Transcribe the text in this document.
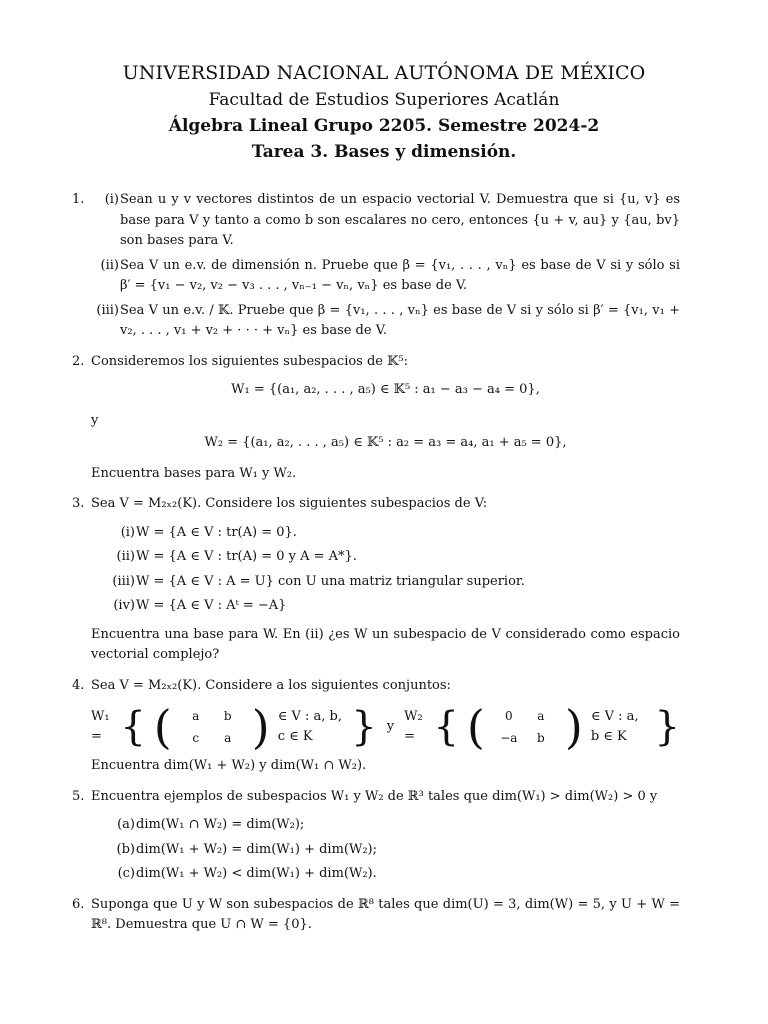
UNIVERSIDAD NACIONAL AUTÓNOMA DE MÉXICO
Facultad de Estudios Superiores Acatlán
Álgebra Lineal Grupo 2205. Semestre 2024-2
Tarea 3. Bases y dimensión.
1.	(i) Sean u y v vectores distintos de un espacio vectorial V. Demuestra que si {u, v} es base para V y tanto a como b son escalares no cero, entonces {u + v, au} y {au, bv} son bases para V.
(ii) Sea V un e.v. de dimensión n. Pruebe que β = {v₁, . . . , vₙ} es base de V si y sólo si β′ = {v₁ − v₂, v₂ − v₃ . . . , vₙ₋₁ − vₙ, vₙ} es base de V.
(iii) Sea V un e.v. / 𝕂. Pruebe que β = {v₁, . . . , vₙ} es base de V si y sólo si β′ = {v₁, v₁ + v₂, . . . , v₁ + v₂ + · · · + vₙ} es base de V.
2. Consideremos los siguientes subespacios de 𝕂⁵:
W₁ = {(a₁, a₂, . . . , a₅) ∈ 𝕂⁵ : a₁ − a₃ − a₄ = 0},
y
W₂ = {(a₁, a₂, . . . , a₅) ∈ 𝕂⁵ : a₂ = a₃ = a₄, a₁ + a₅ = 0},
Encuentra bases para W₁ y W₂.
3. Sea V = M₂ₓ₂(K). Considere los siguientes subespacios de V:
(i) W = {A ∈ V : tr(A) = 0}.
(ii) W = {A ∈ V : tr(A) = 0 y A = A*}.
(iii) W = {A ∈ V : A = U} con U una matriz triangular superior.
(iv) W = {A ∈ V : Aᵗ = −A}
Encuentra una base para W. En (ii) ¿es W un subespacio de V considerado como espacio vectorial complejo?
4. Sea V = M₂ₓ₂(K). Considere a los siguientes conjuntos:
W₁ = { (	a	b
c	a ) ∈ V : a, b, c ∈ K } y
W₂ = { (	0	a
−a	b ) ∈ V : a, b ∈ K }
Encuentra dim(W₁ + W₂) y dim(W₁ ∩ W₂).
5. Encuentra ejemplos de subespacios W₁ y W₂ de ℝ³ tales que dim(W₁) > dim(W₂) > 0 y
(a) dim(W₁ ∩ W₂) = dim(W₂);
(b) dim(W₁ + W₂) = dim(W₁) + dim(W₂);
(c) dim(W₁ + W₂) < dim(W₁) + dim(W₂).
6. Suponga que U y W son subespacios de ℝ⁸ tales que dim(U) = 3, dim(W) = 5, y U + W = ℝ⁸. Demuestra que U ∩ W = {0}.
